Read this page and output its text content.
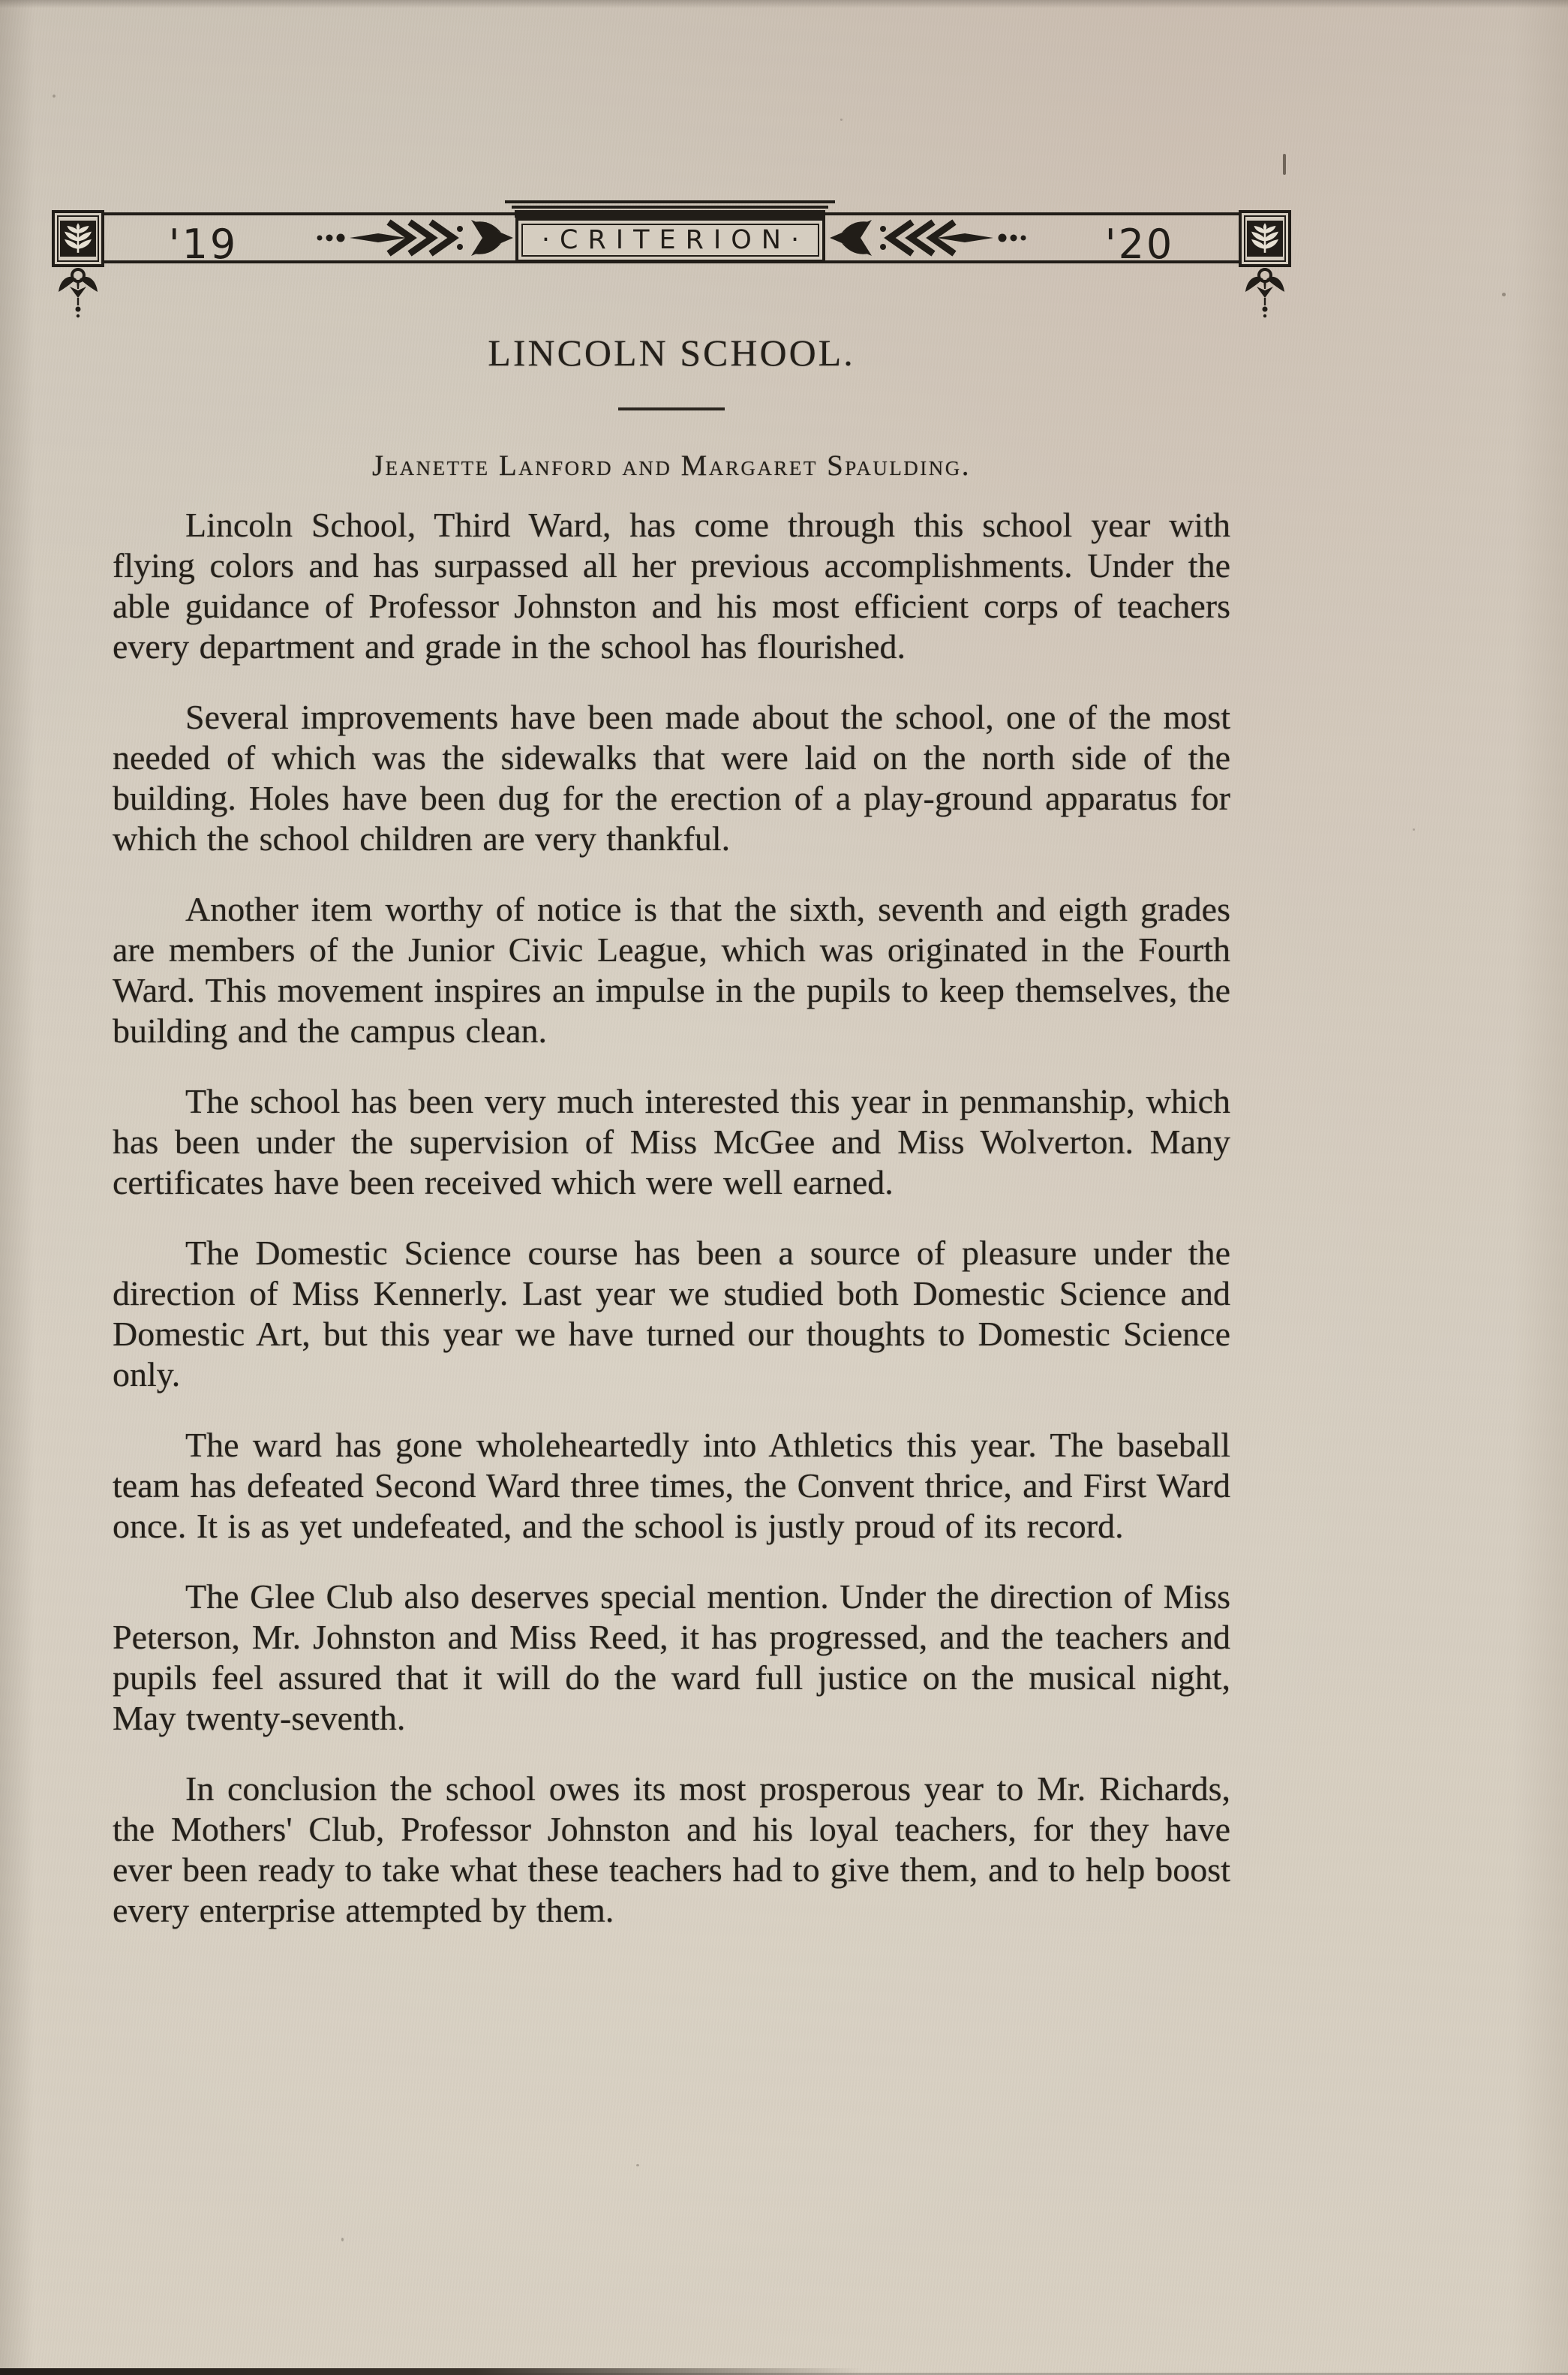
'19	'20
·CRITERION·
LINCOLN SCHOOL.
Jeanette Lanford and Margaret Spaulding.

Lincoln School, Third Ward, has come through this school year with flying colors and has surpassed all her previous accomplishments. Under the able guidance of Professor Johnston and his most efficient corps of teachers every department and grade in the school has flourished.

Several improvements have been made about the school, one of the most needed of which was the sidewalks that were laid on the north side of the building. Holes have been dug for the erection of a play-ground apparatus for which the school children are very thankful.

Another item worthy of notice is that the sixth, seventh and eigth grades are members of the Junior Civic League, which was originated in the Fourth Ward. This movement inspires an impulse in the pupils to keep themselves, the building and the campus clean.

The school has been very much interested this year in penmanship, which has been under the supervision of Miss McGee and Miss Wolverton. Many certificates have been received which were well earned.

The Domestic Science course has been a source of pleasure under the direction of Miss Kennerly. Last year we studied both Domestic Science and Domestic Art, but this year we have turned our thoughts to Domestic Science only.

The ward has gone wholeheartedly into Athletics this year. The baseball team has defeated Second Ward three times, the Convent thrice, and First Ward once. It is as yet undefeated, and the school is justly proud of its record.

The Glee Club also deserves special mention. Under the direction of Miss Peterson, Mr. Johnston and Miss Reed, it has progressed, and the teachers and pupils feel assured that it will do the ward full justice on the musical night, May twenty-seventh.

In conclusion the school owes its most prosperous year to Mr. Richards, the Mothers' Club, Professor Johnston and his loyal teachers, for they have ever been ready to take what these teachers had to give them, and to help boost every enterprise attempted by them.
